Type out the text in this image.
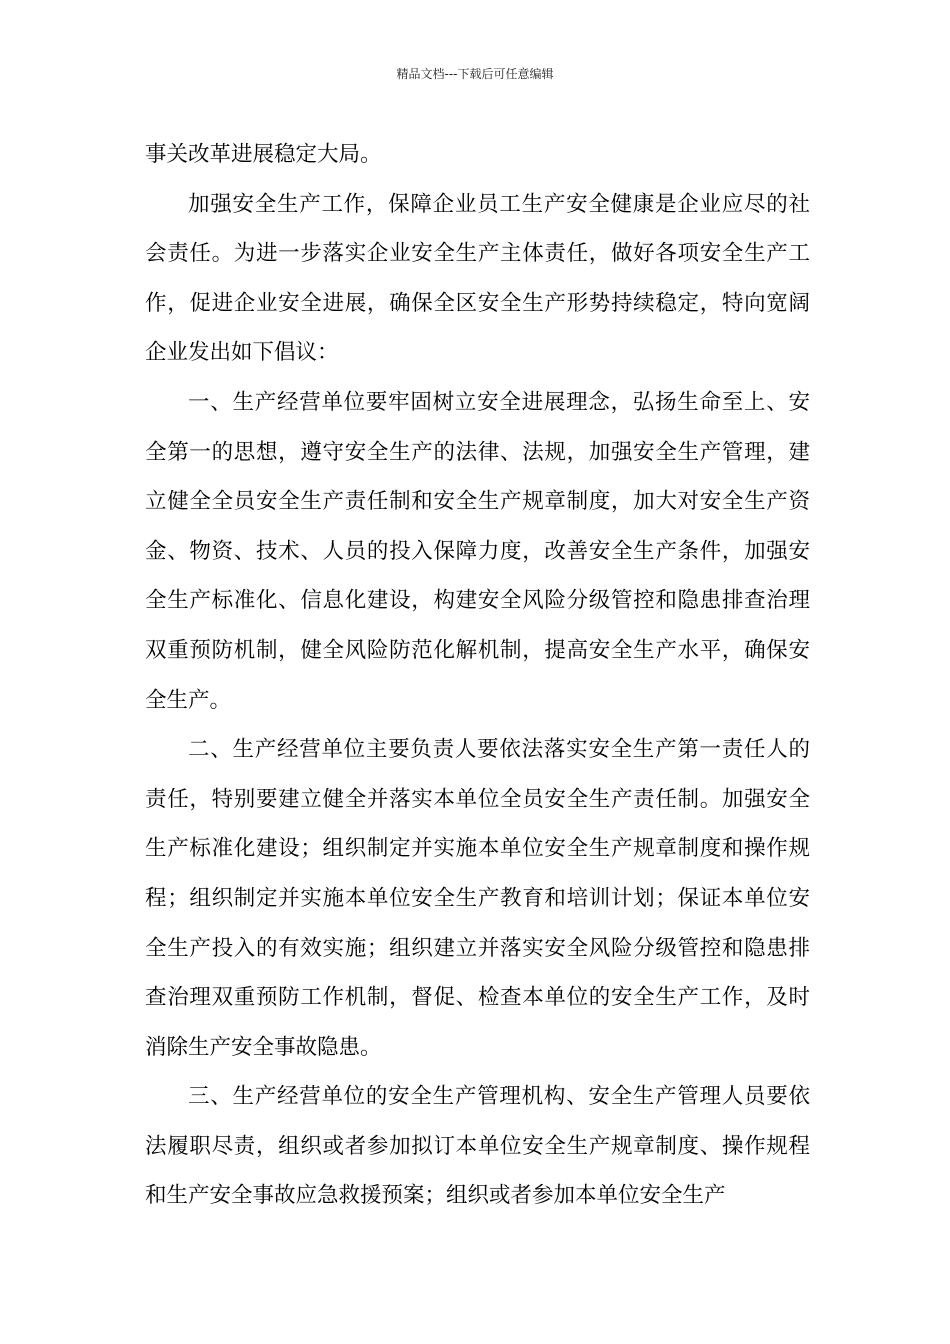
精品文档---下载后可任意编辑

事关改革进展稳定大局。

加强安全生产工作，保障企业员工生产安全健康是企业应尽的社会责任。为进一步落实企业安全生产主体责任，做好各项安全生产工作，促进企业安全进展，确保全区安全生产形势持续稳定，特向宽阔企业发出如下倡议：

一、生产经营单位要牢固树立安全进展理念，弘扬生命至上、安全第一的思想，遵守安全生产的法律、法规，加强安全生产管理，建立健全全员安全生产责任制和安全生产规章制度，加大对安全生产资金、物资、技术、人员的投入保障力度，改善安全生产条件，加强安全生产标准化、信息化建设，构建安全风险分级管控和隐患排查治理双重预防机制，健全风险防范化解机制，提高安全生产水平，确保安全生产。

二、生产经营单位主要负责人要依法落实安全生产第一责任人的责任，特别要建立健全并落实本单位全员安全生产责任制。加强安全生产标准化建设；组织制定并实施本单位安全生产规章制度和操作规程；组织制定并实施本单位安全生产教育和培训计划；保证本单位安全生产投入的有效实施；组织建立并落实安全风险分级管控和隐患排查治理双重预防工作机制，督促、检查本单位的安全生产工作，及时消除生产安全事故隐患。

三、生产经营单位的安全生产管理机构、安全生产管理人员要依法履职尽责，组织或者参加拟订本单位安全生产规章制度、操作规程和生产安全事故应急救援预案；组织或者参加本单位安全生产
